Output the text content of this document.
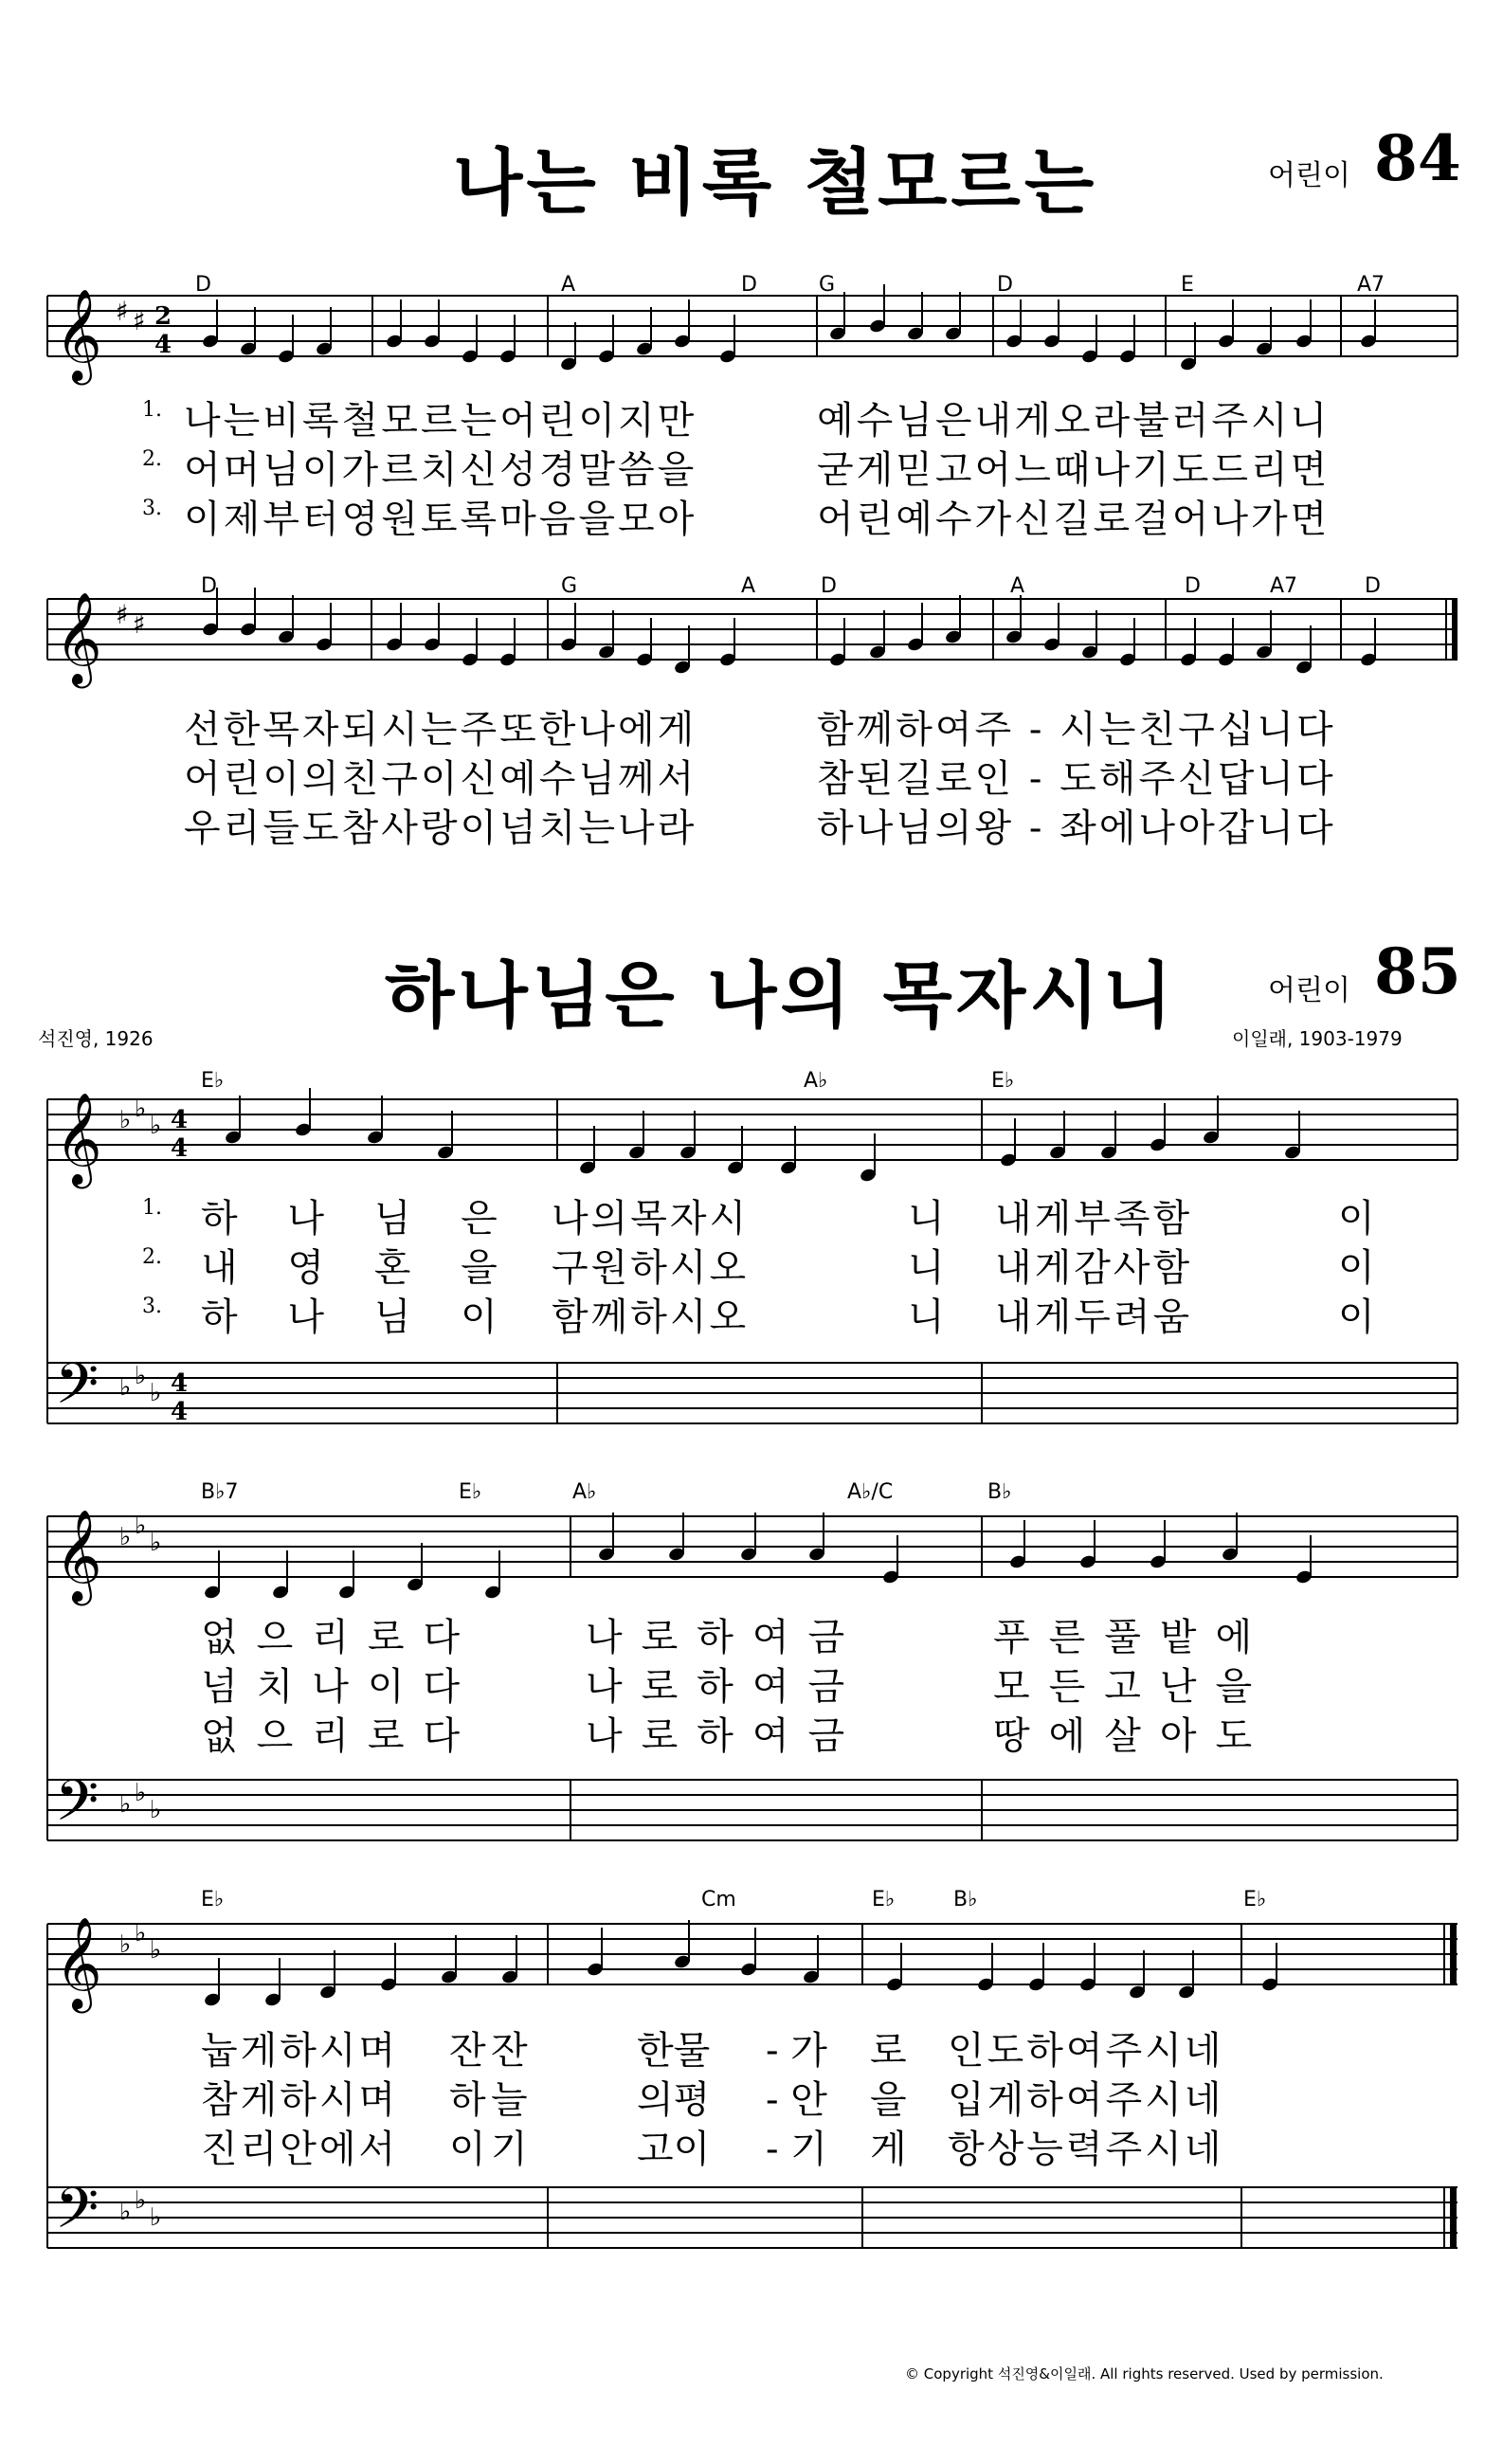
나는 비록 철모르는	어린이 84
𝄞 ♯ ♯ 2
4
D	A	D	G	D	E	A7
1. 나는비록철모르는어린이지만	예수님은내게오라불러주시니
2. 어머님이가르치신성경말씀을	굳게믿고어느때나기도드리면
3. 이제부터영원토록마음을모아	어린예수가신길로걸어나가면
𝄞 ♯ ♯
D	G	A	D	A	D	A7	D
선한목자되시는주또한나에게	함께하여주 - 시는친구십니다
어린이의친구이신예수님께서	참된길로인 - 도해주신답니다
우리들도참사랑이넘치는나라	하나님의왕 - 좌에나아갑니다
하나님은 나의 목자시니	어린이 85
석진영, 1926	이일래, 1903-1979
𝄞
𝄢
♭ ♭
♭
♭ ♭
♭
4
4
4
4
E♭	A♭	E♭
1. 하 나 님 은 나의목자시	니 내게부족함	이
2. 내 영 혼 을 구원하시오	니 내게감사함	이
3. 하 나 님 이 함께하시오	니 내게두려움	이
𝄞
𝄢
♭ ♭
♭
♭ ♭
♭
B♭7	E♭	A♭	A♭/C	B♭
없으리로다	나로하여금	푸른풀밭에
넘치나이다	나로하여금	모든고난을
없으리로다	나로하여금	땅에살아도
𝄞
𝄢
♭ ♭
♭
♭ ♭
♭
E♭	Cm	E♭	B♭	E♭
눕게하시며 잔 잔	한물 - 가 로 인도하여주시네
참게하시며 하 늘	의평 - 안 을 입게하여주시네
진리안에서 이 기	고이 - 기 게 항상능력주시네
© Copyright 석진영&이일래. All rights reserved. Used by permission.
